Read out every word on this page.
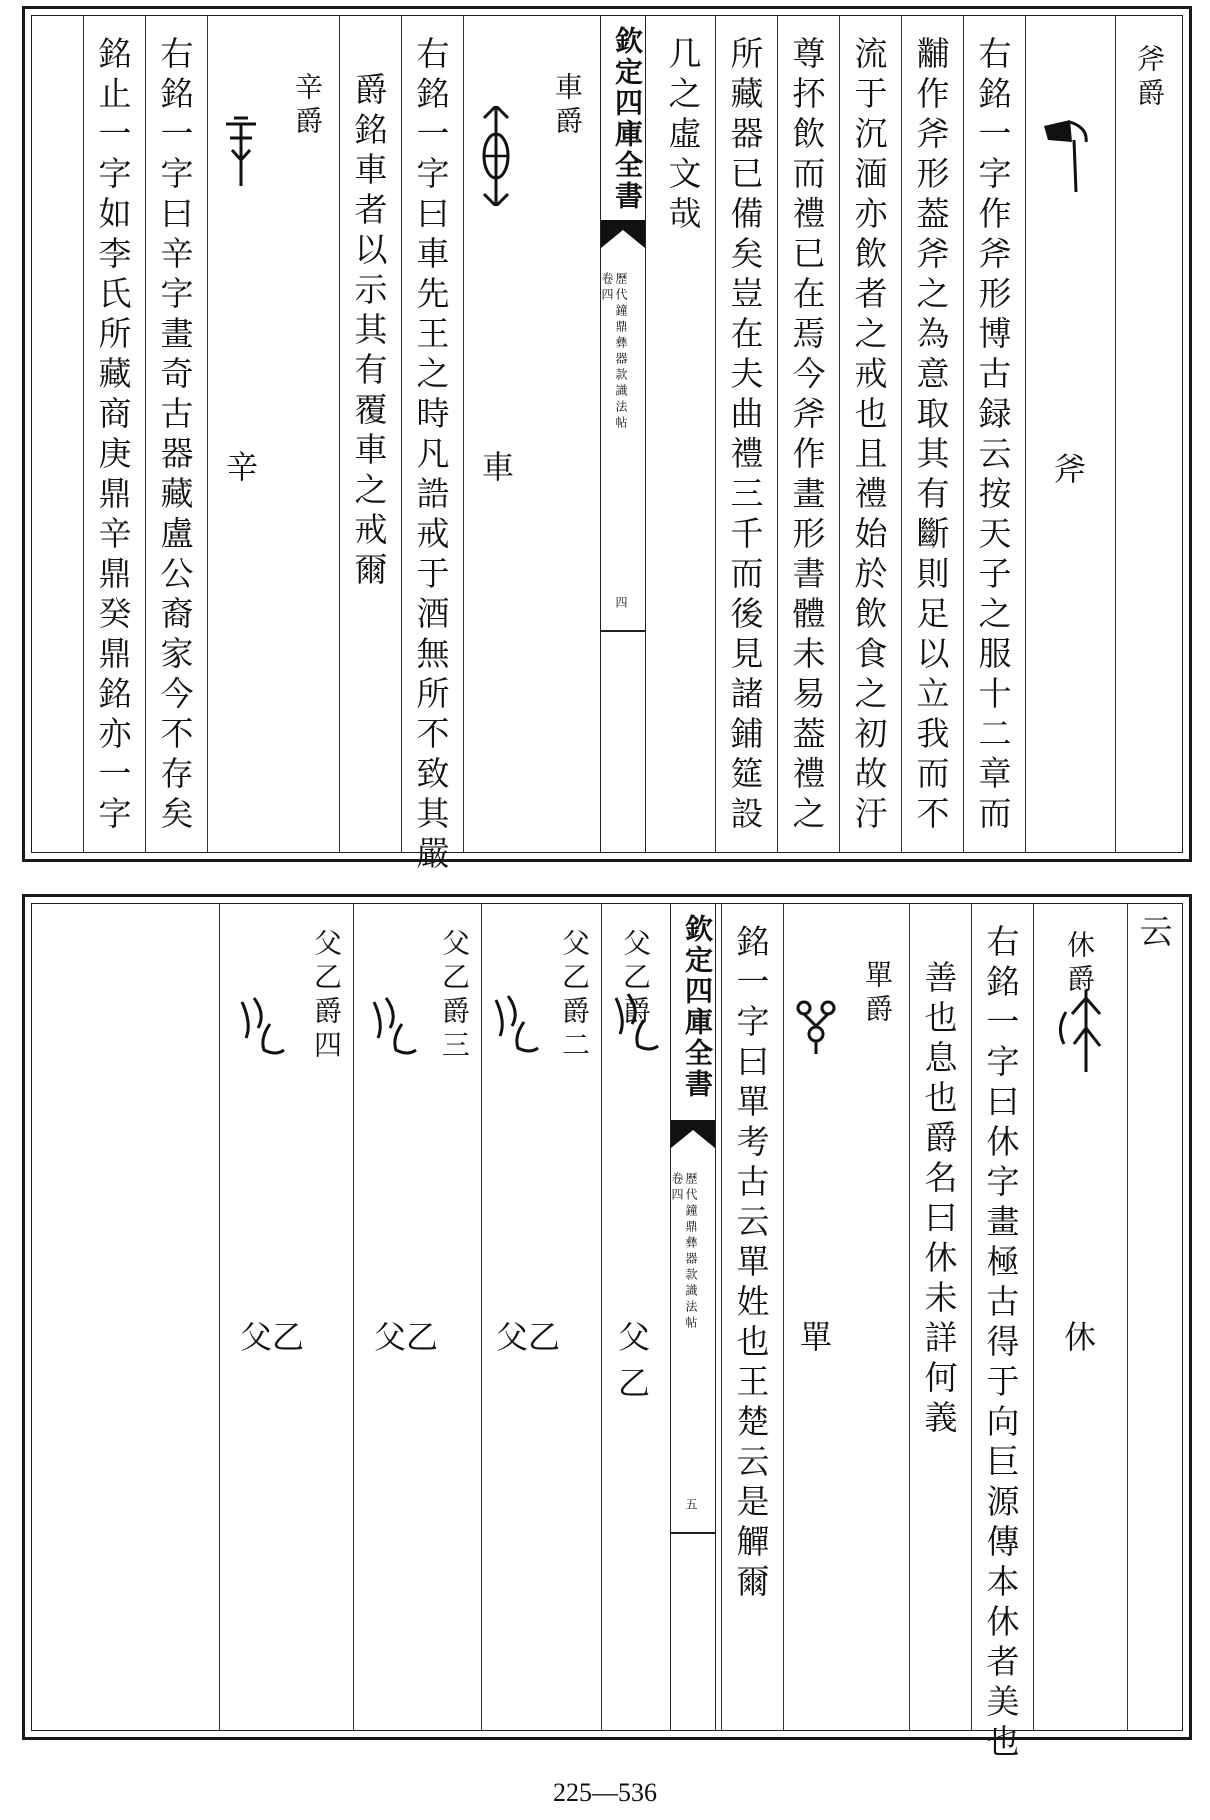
斧爵
斧
右銘一字作斧形博古録云按天子之服十二章而
黼作斧形葢斧之為意取其有斷則足以立我而不
流于沉湎亦飲者之戒也且禮始於飲食之初故汙
尊抔飲而禮已在焉今斧作畫形書體未易葢禮之
所藏器已備矣豈在夫曲禮三千而後見諸鋪筵設
几之虛文哉
欽定四庫全書
歷代鐘鼎彝器款識法帖
卷四
四
車爵
車
右銘一字曰車先王之時凡誥戒于酒無所不致其嚴
爵銘車者以示其有覆車之戒爾
辛爵
辛
右銘一字曰辛字畫奇古器藏盧公裔家今不存矣
銘止一字如李氏所藏商庚鼎辛鼎癸鼎銘亦一字
云
休爵
休
右銘一字曰休字畫極古得于向巨源傳本休者美也
善也息也爵名曰休未詳何義
單爵
單
銘一字曰單考古云單姓也王楚云是觶爾
欽定四庫全書
歷代鐘鼎彝器款識法帖
卷四
五
父乙爵
父乙
父乙爵二
父乙
父乙爵三
父乙
父乙爵四
父乙
225—536
